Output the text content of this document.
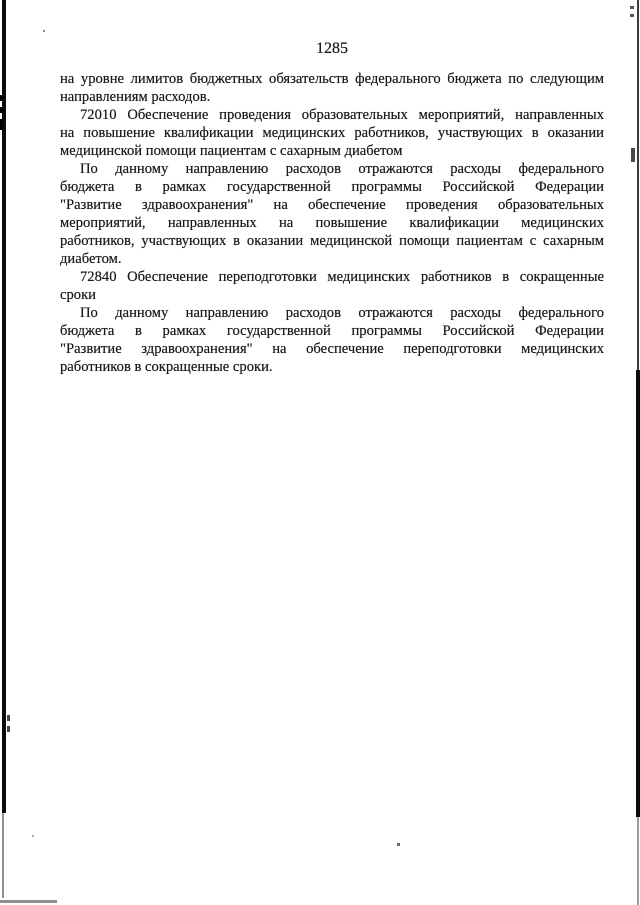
1285
на уровне лимитов бюджетных обязательств федерального бюджета по следующим
направлениям расходов.
72010 Обеспечение проведения образовательных мероприятий, направленных
на повышение квалификации медицинских работников, участвующих в оказании
медицинской помощи пациентам с сахарным диабетом
По данному направлению расходов отражаются расходы федерального
бюджета в рамках государственной программы Российской Федерации
"Развитие здравоохранения" на обеспечение проведения образовательных
мероприятий, направленных на повышение квалификации медицинских
работников, участвующих в оказании медицинской помощи пациентам с сахарным
диабетом.
72840 Обеспечение переподготовки медицинских работников в сокращенные
сроки
По данному направлению расходов отражаются расходы федерального
бюджета в рамках государственной программы Российской Федерации
"Развитие здравоохранения" на обеспечение переподготовки медицинских
работников в сокращенные сроки.
